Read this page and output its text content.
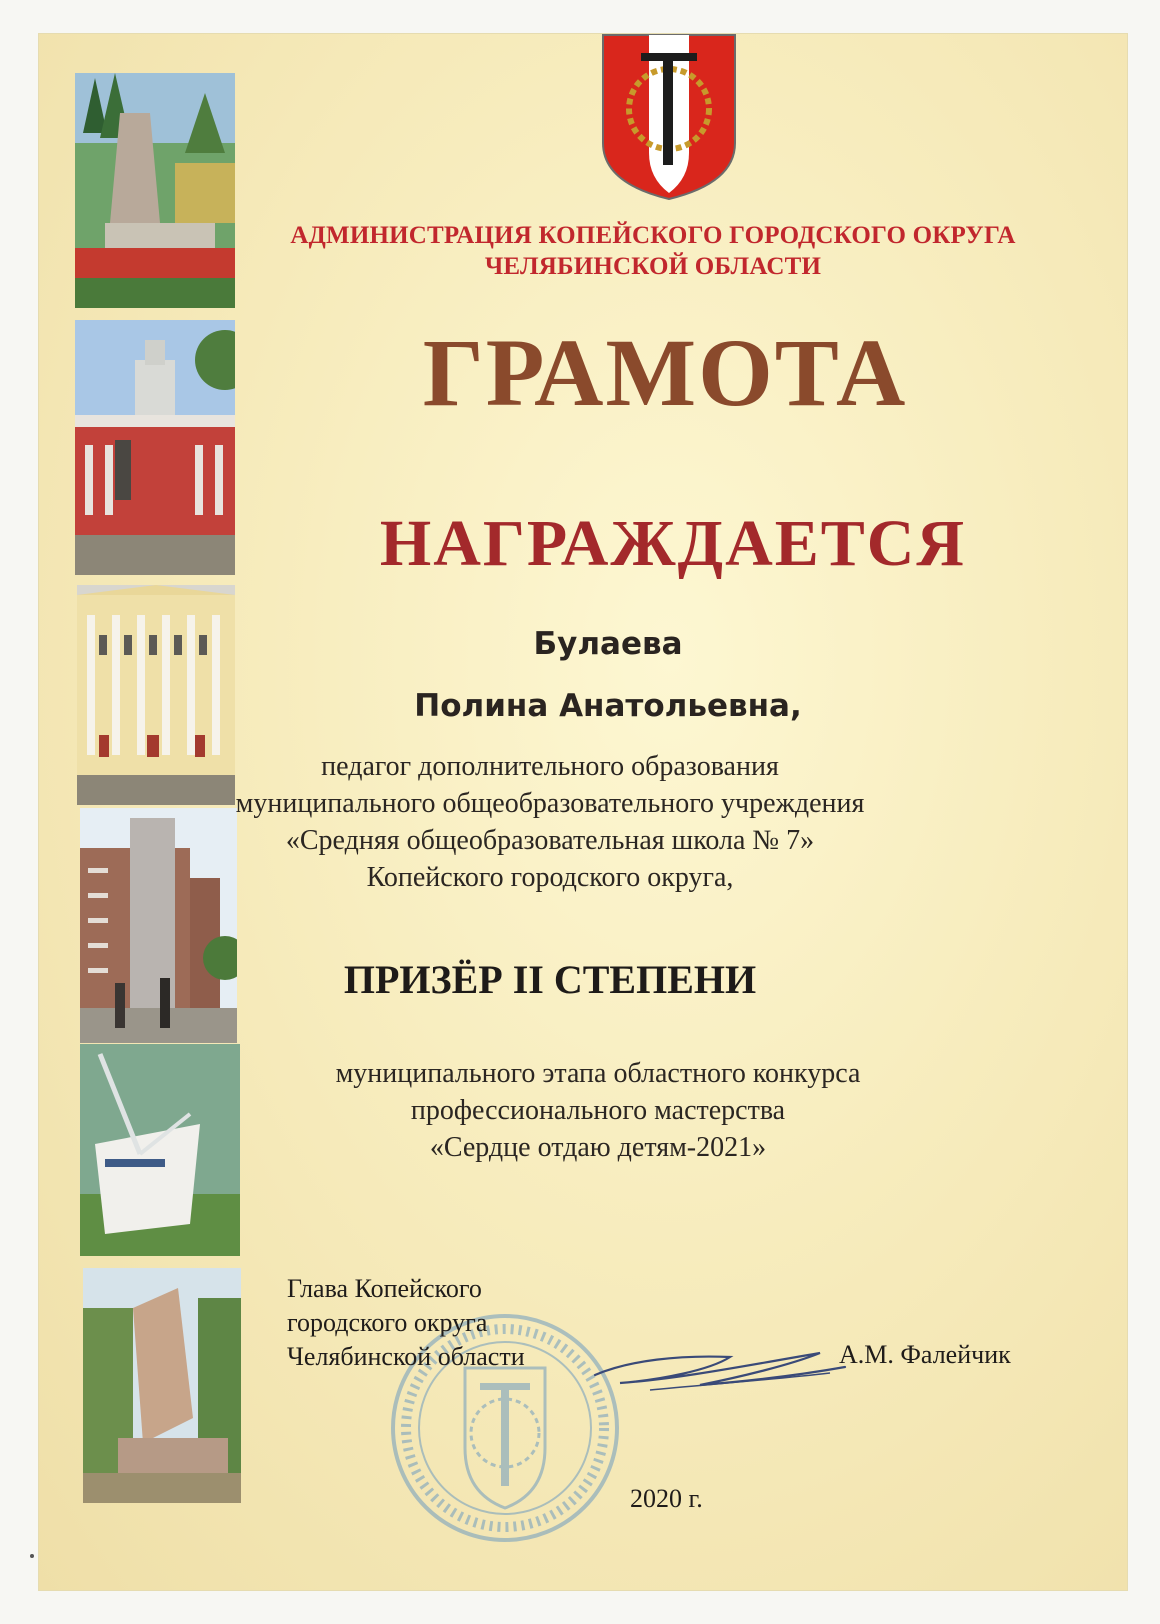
АДМИНИСТРАЦИЯ КОПЕЙСКОГО ГОРОДСКОГО ОКРУГА
ЧЕЛЯБИНСКОЙ ОБЛАСТИ
ГРАМОТА
НАГРАЖДАЕТСЯ
Булаева
Полина Анатольевна,
педагог дополнительного образования
муниципального общеобразовательного учреждения
«Средняя общеобразовательная школа № 7»
Копейского городского округа,
ПРИЗЁР II СТЕПЕНИ
муниципального этапа областного конкурса
профессионального мастерства
«Сердце отдаю детям-2021»
Глава Копейского
городского округа
Челябинской области	А.М. Фалейчик
2020 г.
